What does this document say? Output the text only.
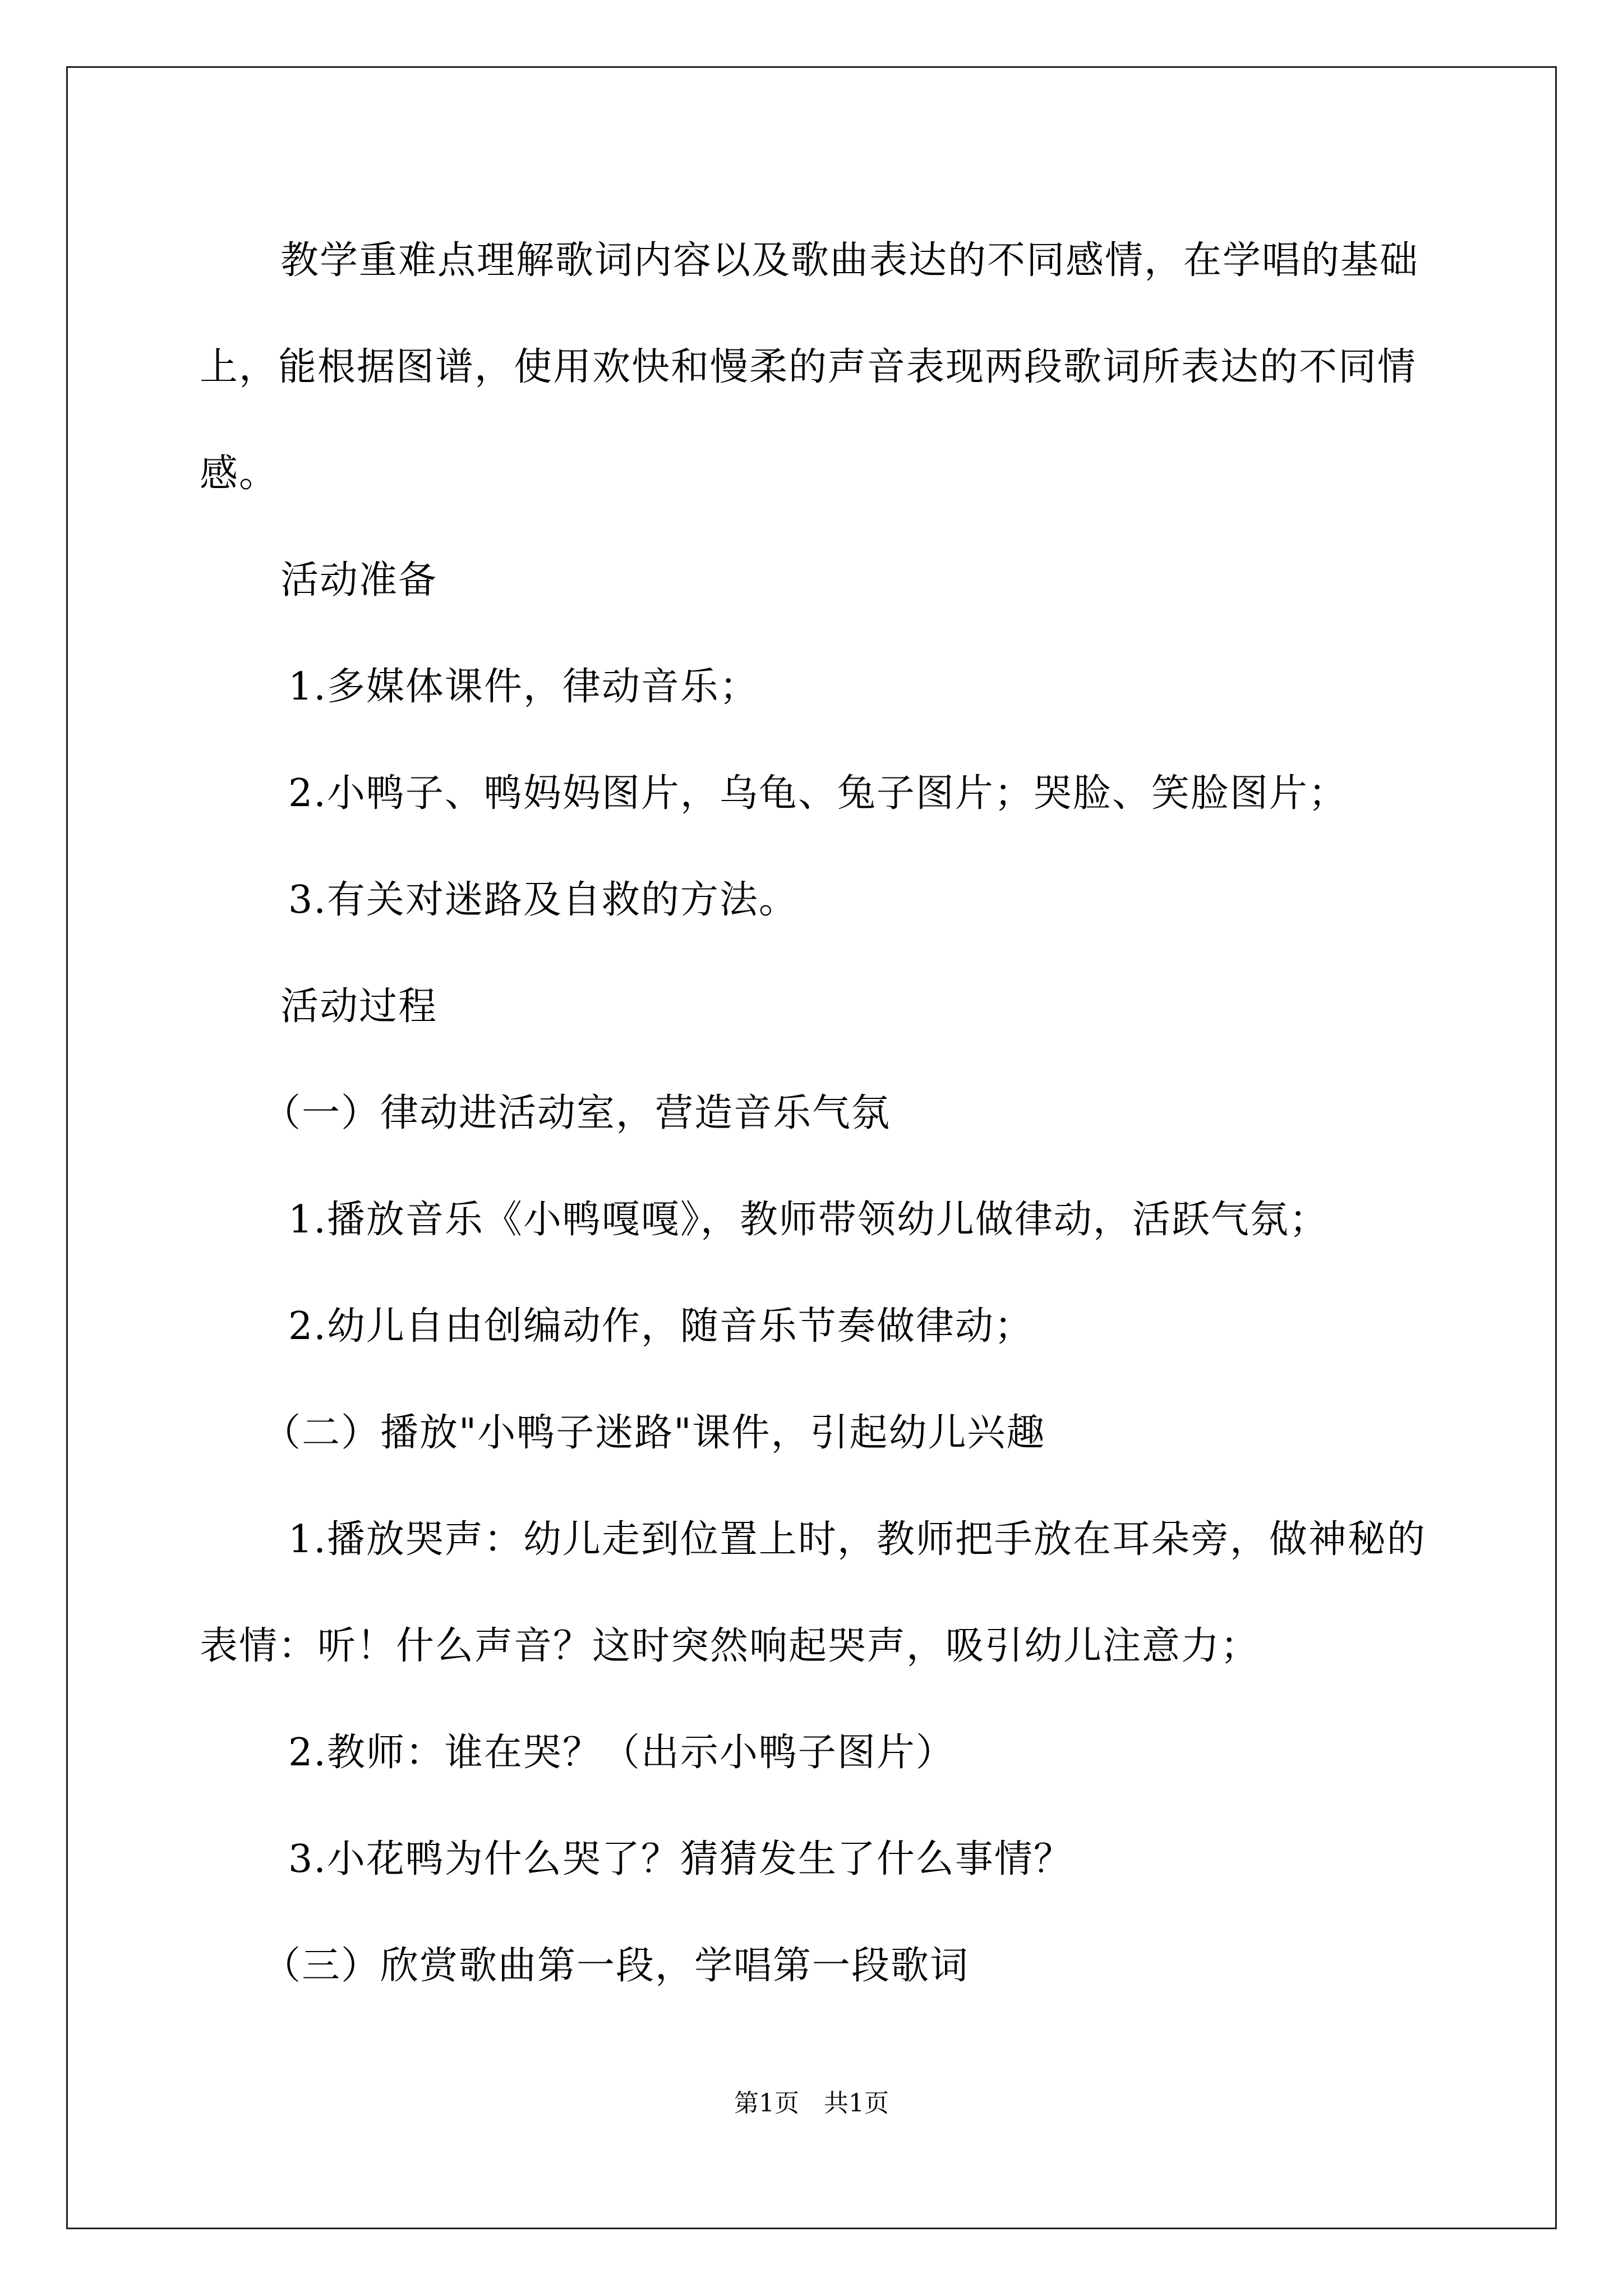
教学重难点理解歌词内容以及歌曲表达的不同感情，在学唱的基础上，能根据图谱，使用欢快和慢柔的声音表现两段歌词所表达的不同情感。

活动准备

1.多媒体课件，律动音乐；

2.小鸭子、鸭妈妈图片，乌龟、兔子图片；哭脸、笑脸图片；

3.有关对迷路及自救的方法。

活动过程

（一）律动进活动室，营造音乐气氛

1.播放音乐《小鸭嘎嘎》，教师带领幼儿做律动，活跃气氛；

2.幼儿自由创编动作，随音乐节奏做律动；

（二）播放"小鸭子迷路"课件，引起幼儿兴趣

1.播放哭声：幼儿走到位置上时，教师把手放在耳朵旁，做神秘的表情：听！什么声音？这时突然响起哭声，吸引幼儿注意力；

2.教师：谁在哭？（出示小鸭子图片）

3.小花鸭为什么哭了？猜猜发生了什么事情？

（三）欣赏歌曲第一段，学唱第一段歌词

第1页　共1页
